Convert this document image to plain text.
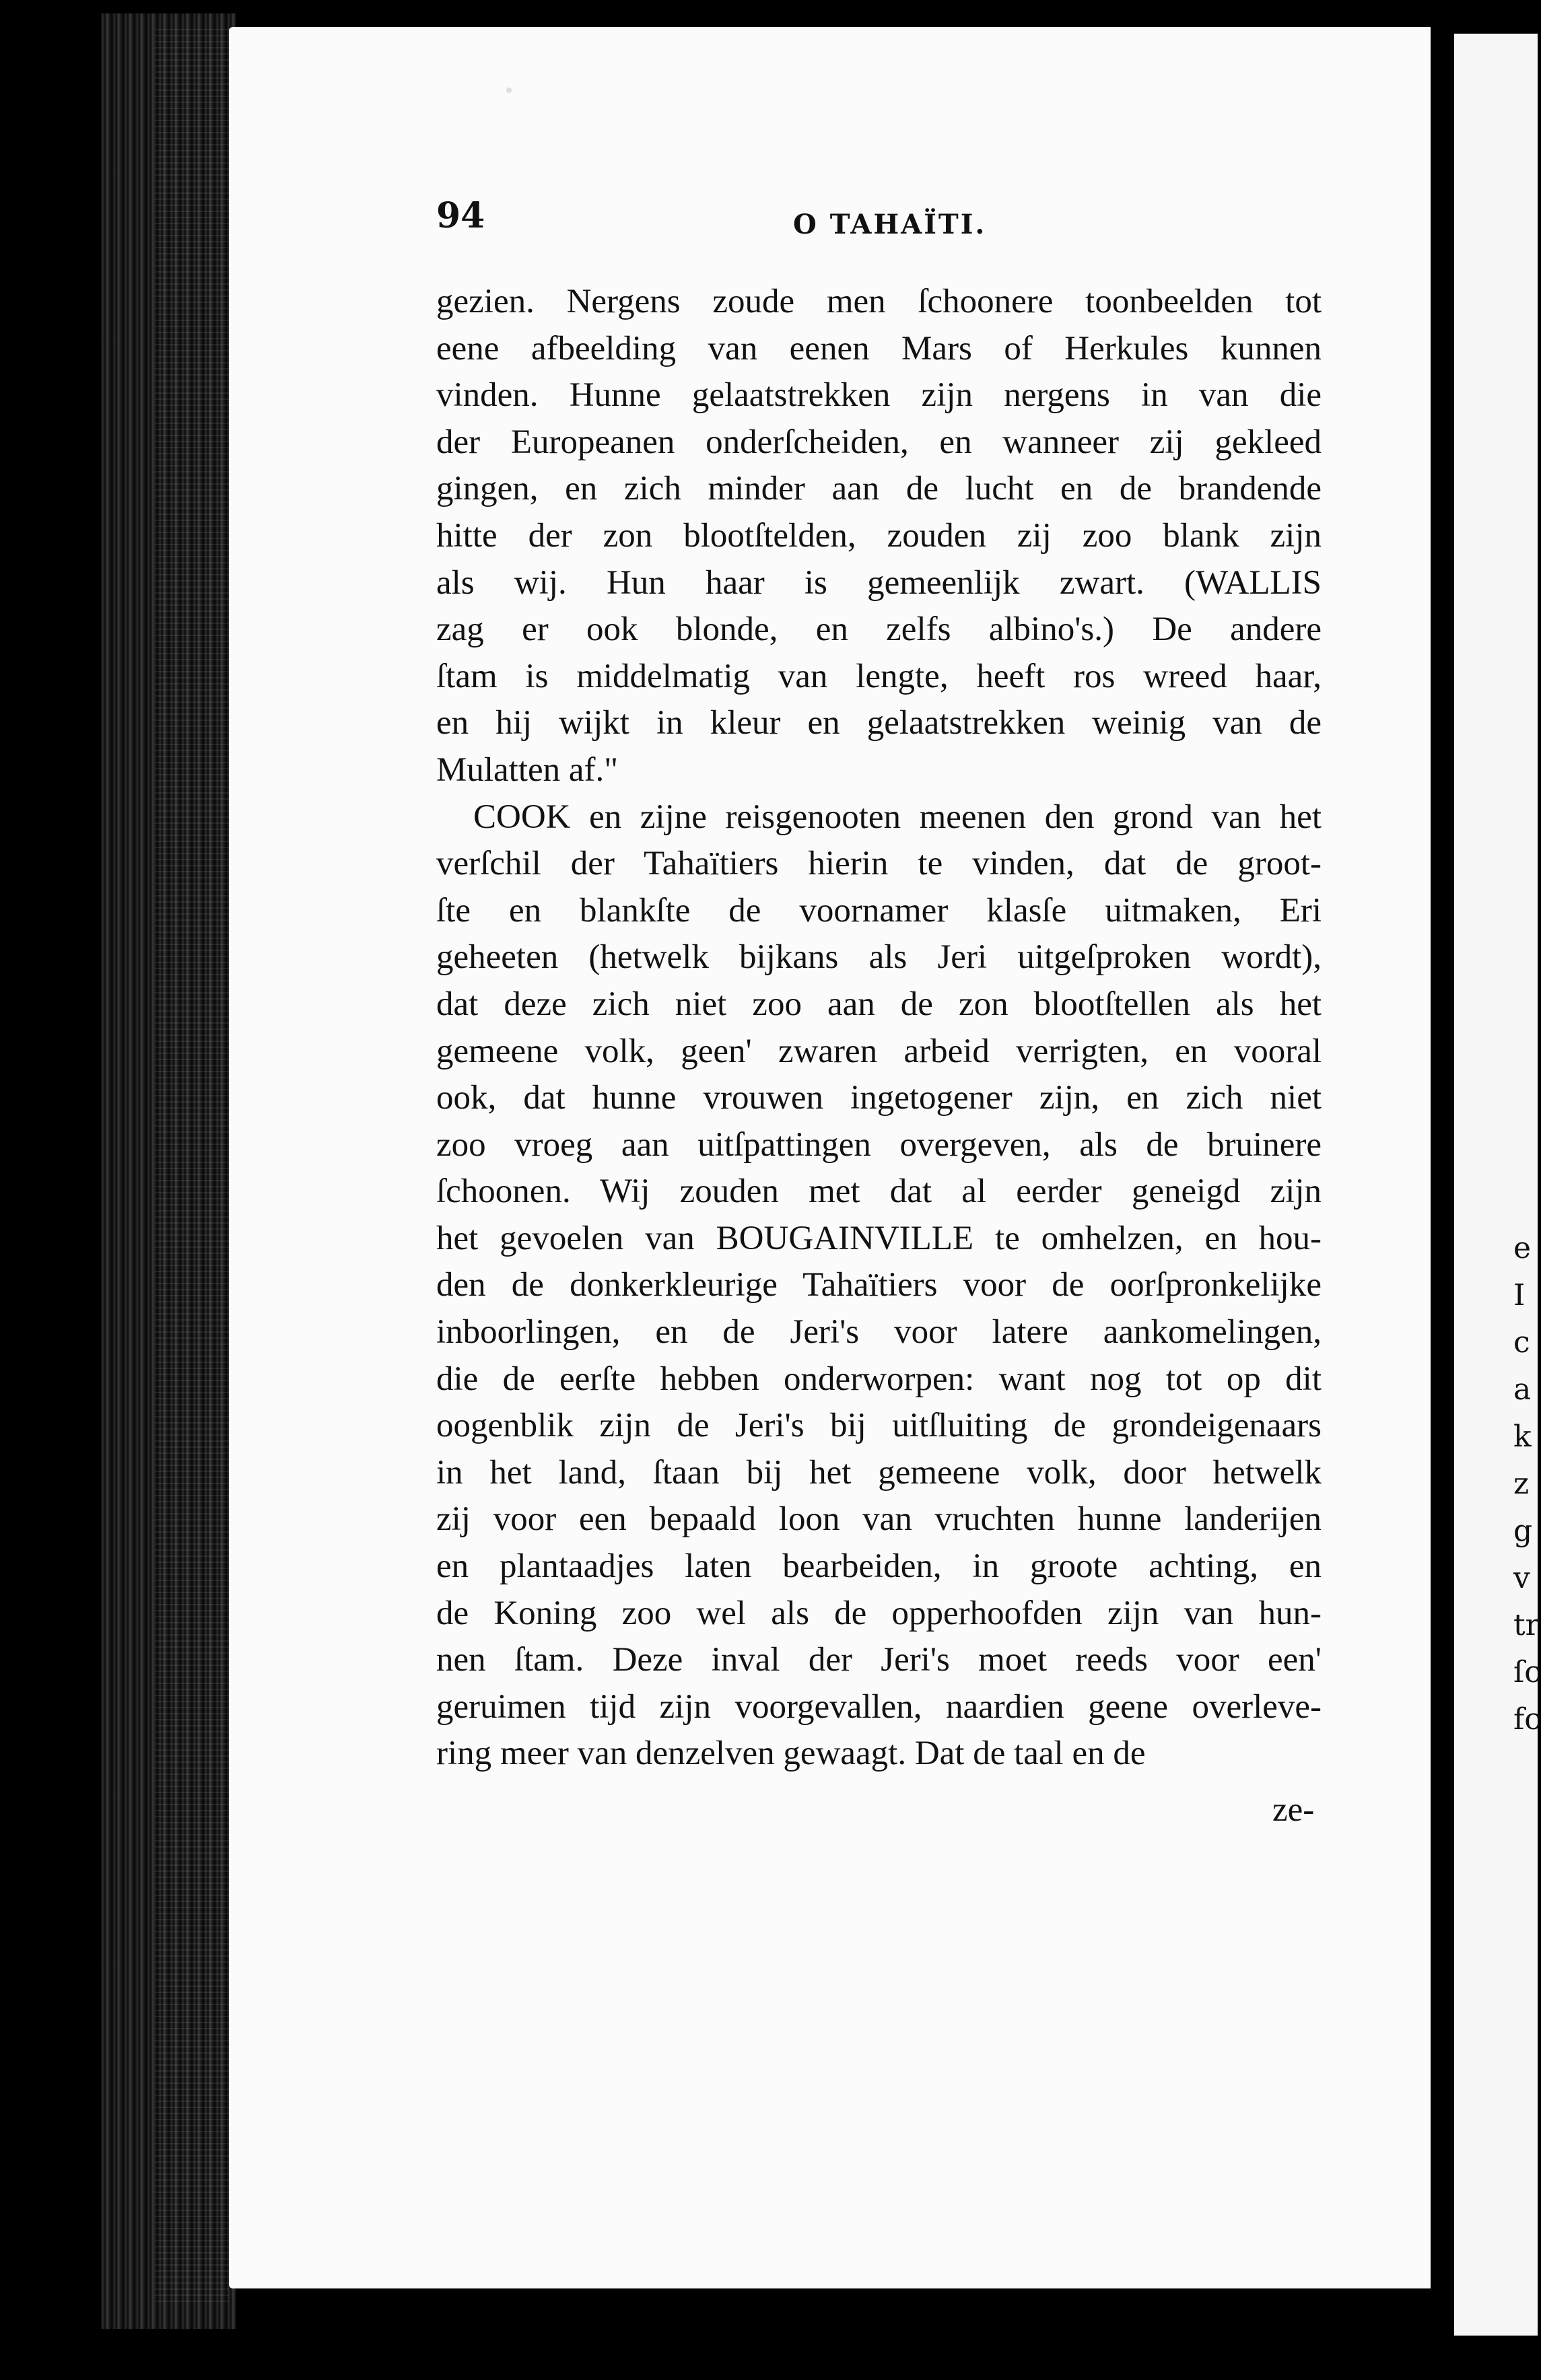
e
I
c
a
k
z
g
v
tr
ſc
fc
94	O TAHAÏTI.
gezien. Nergens zoude men ſchoonere toonbeelden tot
eene afbeelding van eenen Mars of Herkules kunnen
vinden. Hunne gelaatstrekken zijn nergens in van die
der Europeanen onderſcheiden, en wanneer zij gekleed
gingen, en zich minder aan de lucht en de brandende
hitte der zon blootſtelden, zouden zij zoo blank zijn
als wij. Hun haar is gemeenlijk zwart. (WALLIS
zag er ook blonde, en zelfs albino's.) De andere
ſtam is middelmatig van lengte, heeft ros wreed haar,
en hij wijkt in kleur en gelaatstrekken weinig van de
Mulatten af."
COOK en zijne reisgenooten meenen den grond van het
verſchil der Tahaïtiers hierin te vinden, dat de groot-
ſte en blankſte de voornamer klasſe uitmaken, Eri
geheeten (hetwelk bijkans als Jeri uitgeſproken wordt),
dat deze zich niet zoo aan de zon blootſtellen als het
gemeene volk, geen' zwaren arbeid verrigten, en vooral
ook, dat hunne vrouwen ingetogener zijn, en zich niet
zoo vroeg aan uitſpattingen overgeven, als de bruinere
ſchoonen. Wij zouden met dat al eerder geneigd zijn
het gevoelen van BOUGAINVILLE te omhelzen, en hou-
den de donkerkleurige Tahaïtiers voor de oorſpronkelijke
inboorlingen, en de Jeri's voor latere aankomelingen,
die de eerſte hebben onderworpen: want nog tot op dit
oogenblik zijn de Jeri's bij uitſluiting de grondeigenaars
in het land, ſtaan bij het gemeene volk, door hetwelk
zij voor een bepaald loon van vruchten hunne landerijen
en plantaadjes laten bearbeiden, in groote achting, en
de Koning zoo wel als de opperhoofden zijn van hun-
nen ſtam. Deze inval der Jeri's moet reeds voor een'
geruimen tijd zijn voorgevallen, naardien geene overleve-
ring meer van denzelven gewaagt. Dat de taal en de
ze-
